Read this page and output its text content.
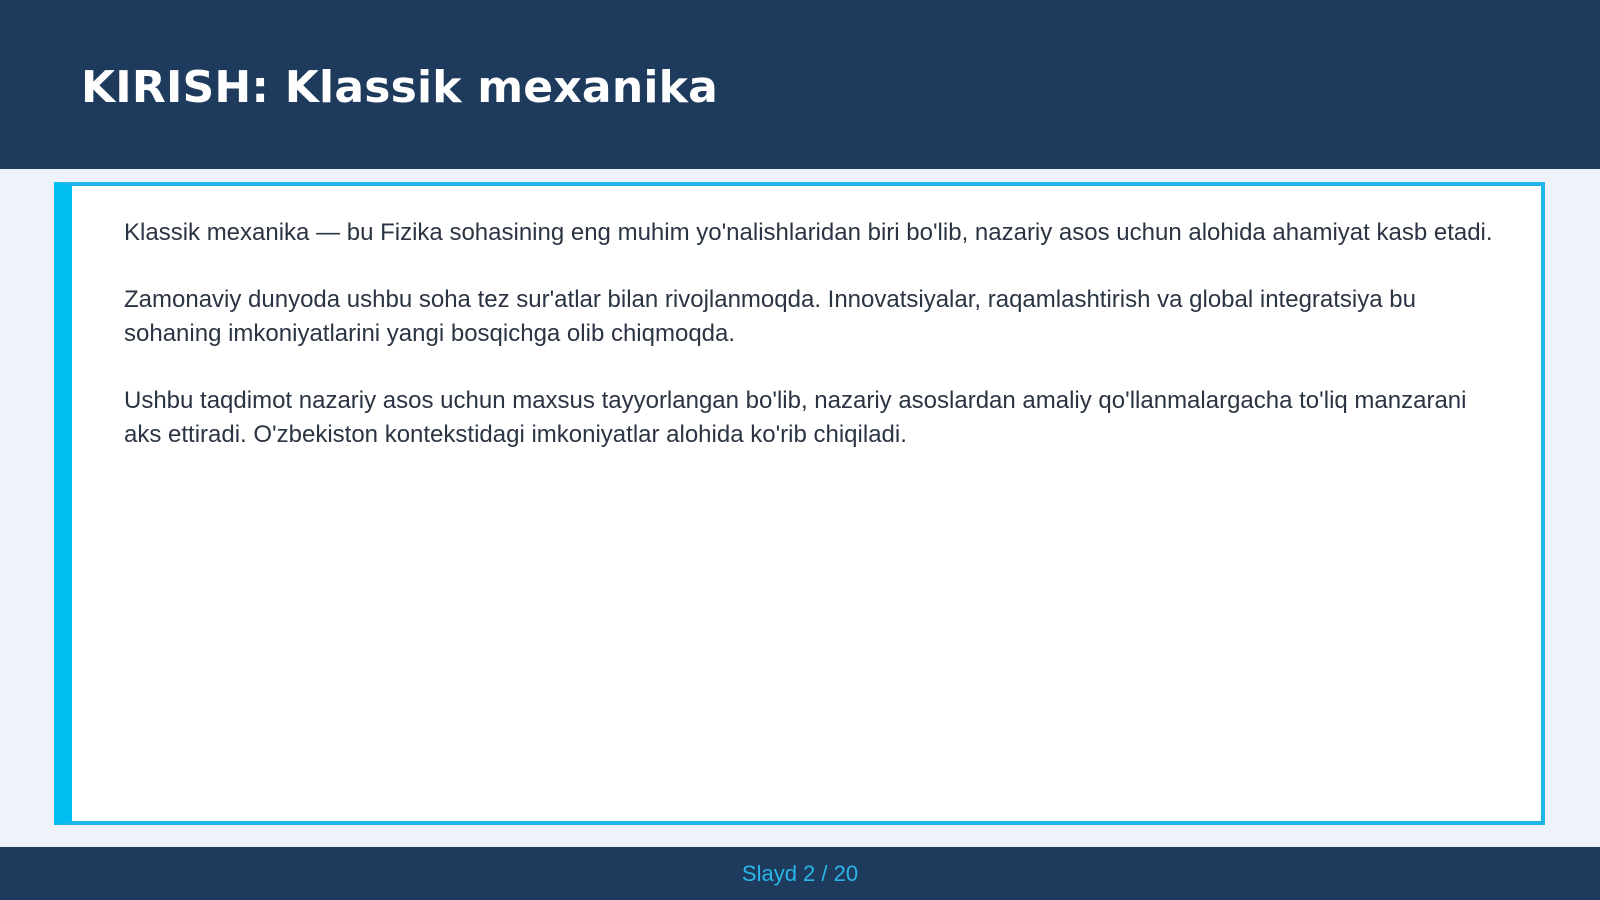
KIRISH: Klassik mexanika

Klassik mexanika — bu Fizika sohasining eng muhim yo'nalishlaridan biri bo'lib, nazariy asos uchun alohida ahamiyat kasb etadi.

Zamonaviy dunyoda ushbu soha tez sur'atlar bilan rivojlanmoqda. Innovatsiyalar, raqamlashtirish va global integratsiya bu sohaning imkoniyatlarini yangi bosqichga olib chiqmoqda.

Ushbu taqdimot nazariy asos uchun maxsus tayyorlangan bo'lib, nazariy asoslardan amaliy qo'llanmalargacha to'liq manzarani aks ettiradi. O'zbekiston kontekstidagi imkoniyatlar alohida ko'rib chiqiladi.

Slayd 2 / 20
